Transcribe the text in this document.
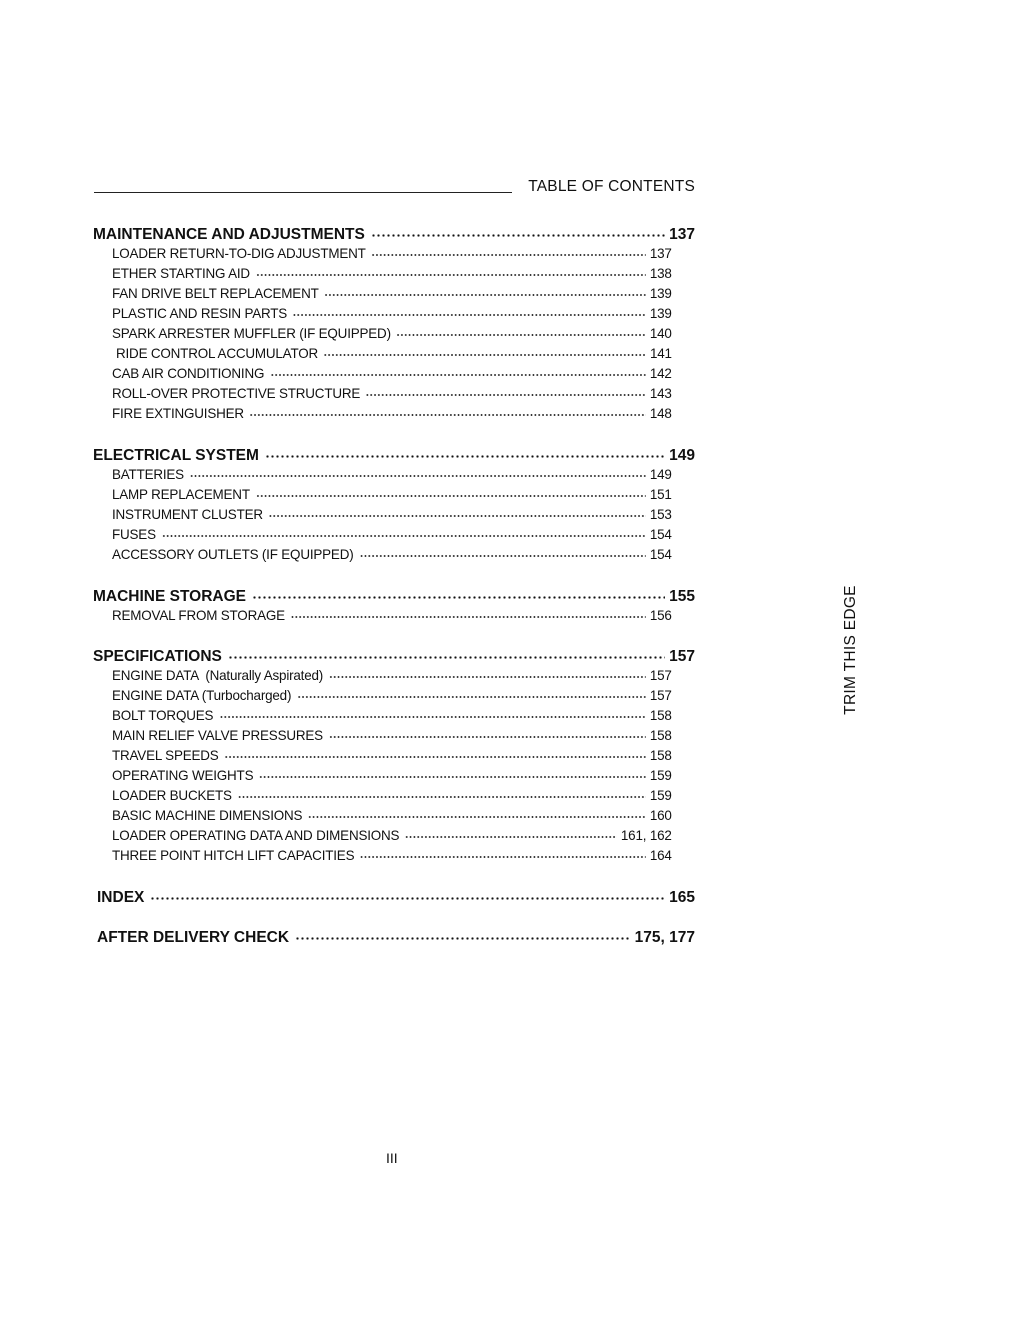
TABLE OF CONTENTS
MAINTENANCE AND ADJUSTMENTS	137
LOADER RETURN-TO-DIG ADJUSTMENT	137
ETHER STARTING AID	138
FAN DRIVE BELT REPLACEMENT	139
PLASTIC AND RESIN PARTS	139
SPARK ARRESTER MUFFLER (IF EQUIPPED)	140
RIDE CONTROL ACCUMULATOR	141
CAB AIR CONDITIONING	142
ROLL-OVER PROTECTIVE STRUCTURE	143
FIRE EXTINGUISHER	148
ELECTRICAL SYSTEM	149
BATTERIES	149
LAMP REPLACEMENT	151
INSTRUMENT CLUSTER	153
FUSES	154
ACCESSORY OUTLETS (IF EQUIPPED)	154
MACHINE STORAGE	155
REMOVAL FROM STORAGE	156
SPECIFICATIONS	157
ENGINE DATA  (Naturally Aspirated)	157
ENGINE DATA (Turbocharged)	157
BOLT TORQUES	158
MAIN RELIEF VALVE PRESSURES	158
TRAVEL SPEEDS	158
OPERATING WEIGHTS	159
LOADER BUCKETS	159
BASIC MACHINE DIMENSIONS	160
LOADER OPERATING DATA AND DIMENSIONS	161, 162
THREE POINT HITCH LIFT CAPACITIES	164
INDEX	165
AFTER DELIVERY CHECK	175, 177
TRIM THIS EDGE
III
